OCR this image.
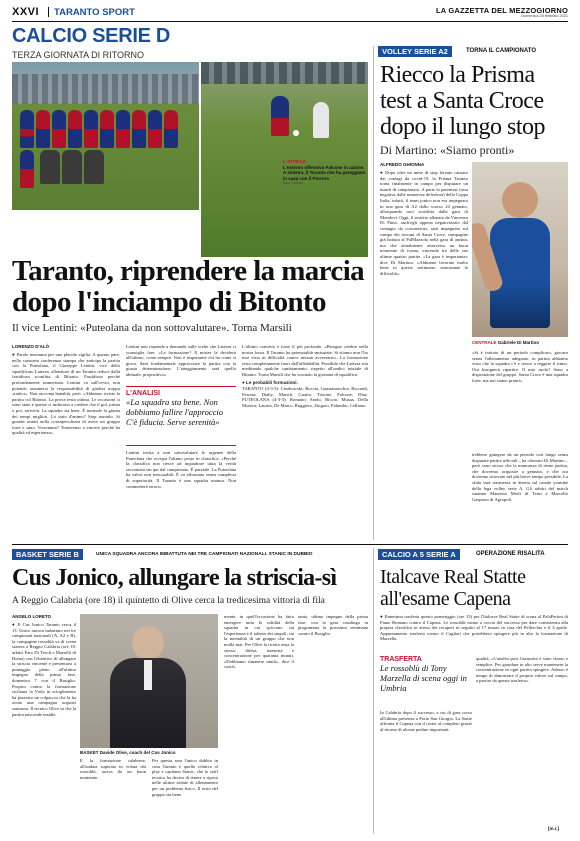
XXVI TARANTO SPORT	LA GAZZETTA DEL MEZZOGIORNO
Domenica 28 febbraio 2021
CALCIO SERIE D
TERZA GIORNATA DI RITORNO
L'ATTESA
L'esterno offensivo Falcone in azione. A sinistra, il Taranto che ha pareggiato in casa con il Picerno
[foto Todaro]
Taranto, riprendere la marcia
dopo l'inciampo di Bitonto
Il vice Lentini: «Puteolana da non sottovalutare». Torna Marsili
LORENZO D'ALÒ

● Parole insomma per una placida vigilia. A quanto pare, nella consueta conferenza stampa che anticipa la partita con la Puteolana, il Giuseppe Lentini, vice dello squalificato Laterza, allenatore di un Taranto reduce dalla fastidiosa sconfitta di Bitonto. Fastidiosa perché profondamente immeritata. Lentini va sull'ovvio, non potendo assumersi la responsabilità di giudizi troppo «tattici». Non racconta banalità, però. «Abbiamo rivisto la partita col Bitonto. La prova resta ottima. Le occasioni ci sono state e queste ci inducono a credere che il gol, prima o poi, arriverà. La squadra sta bene. È normale la giunta dei tempi migliori. Lo stato d'animo? Stop assurdo. Si guarda avanti nella consapevolezza di avere un gruppo forte e sano. Vorremmo? Torneremo a vincere perché ha qualità ed esperienza».

Lentini non risponde a domande sulle scelte che Laterza ci sconsiglia fare. «La formazione? Il mister la deciderà all'ultimo, come sempre. Non è importante chi ha come si gioca. Sarà fondamentale approcciare la partita con la giusta determinazione. L'atteggiamento sarà quello abituale: propositivo».

L'ANALISI
«La squadra sta bene. Non dobbiamo fallire l'approccio C'è fiducia. Serve serenità»

Lentini invita a non sottovalutare le urgenze della Puteolana che occupa l'ultimo posto in classifica. «Perché la classifica non riesce ad inquadrare tutta la verità raccontata sin qui dal campionato. È parziale. La Puteolana ha valori non trascurabili. È va affrontata senza complessi di superiorità. Il Taranto è una squadra matura. Non commetterà errori».

L'ultimo concetto è forse il più profondo. «Bisogna credere nella nostra forza. Il Taranto ha potenzialità smisurate. Si stiamo non l'ho mai vista in difficoltà contro nessun avversario». La formazione resta completamente fuori dall'affidabilità. Possibile che Laterza stia meditando qualche cambiamento, rispetto all'undici iniziale di Bitonto. Torna Marsili che ha scontato la giornata di squalifica.

● Le probabili formazioni.

TARANTO (4-3-3): Ciezkowski; Boccia, Guastamacchia, Riccardi, Ferrara; Diaby, Marsili, Guaita, Tissone, Falcone; Diaz. PUTEOLANA (4-3-3): Romano; Sardo, Riccio, Musaa, Della Monica; Laurita, De Marco, Ruggiero, Zingaro, Palumbo; Cellamo.

VOLLEY SERIE A2	TORNA IL CAMPIONATO
Riecco la Prisma
test a Santa Croce
dopo il lungo stop
Di Martino: «Siamo pronti»
ALFREDO GHIONNA

● Dopo oltre un mese di stop forzato causato dai contagi da covid-19, la Prisma Taranto torna finalmente in campo per disputare un match di campionato. A parte la parentesi (resa negativa dalle numerose defezioni) della Coppa Italia, infatti, il team jonico non era impegnato in una gara di A2 dallo scorso 24 gennaio, allorquando uscì sconfitta dalla gara di Mondovì. Oggi, il sestetto allenato da Vincenzo Di Pinto, anch'egli appena negativizzato dal contagio da coronavirus, sarà impegnato sul campo dei toscani di Santa Croce, compagine già battuta al PalMazzola nella gara di andata, ma che attualmente attraversa un buon momento di forma, vincendo tre delle sue ultime quattro partite. «La gara è importante» dice Di Martino. «Abbiamo lavorato molto bene in queste settimane, nonostante le difficoltà».

CENTRALE Gabriele Di Martino

«Si è trattato di un periodo complicato, giocare senza l'allenamento adeguato, in partita abbiamo visto che la squadra c'è e riesce a reggere il ritmo. Ora bisognerà ripartire. Il mio ruolo? Sono a disposizione del gruppo. Santa Croce è una squadra forte, ma noi siamo pronti».

trebbero giungere da un periodo così lungo senza disputare partite ufficiali – ha chiosato Di Martino – però sono sicuro che la mancanza di ritmo partita, che dovremo acquisire a gennaio, e che ora dovremo ritrovare nel più breve tempo possibile. La sfida sarà trasmessa in diretta sul canale youtube della lega volley serie A. Gli arbitri del match saranno Maurizio Merli di Terni e Marcello Gasparro di Agropoli.

BASKET SERIE B	UNICA SQUADRA ANCORA IMBATTUTA NEI TRE CAMPIONATI NAZIONALI. STANIC IN DUBBIO
Cus Jonico, allungare la striscia-sì
A Reggio Calabria (ore 18) il quintetto di Olive cerca la tredicesima vittoria di fila
ANGELO LORETO

● Il Cus Jonico Taranto cerca il 13. Unico ancora imbattuto nei tre campionati nazionali (A, A2 e B), la compagine rossoblù va di scena stasera a Reggio Calabria (ore 18, arbitri Faro Di Tivoli e Marselli di Roma) con l'obiettivo di allungare la striscia vincente e presentarsi a puntaggio pieno all'ultimo impegno della prima fase, domenica 7 con il Basiglio. Proprio contro la formazione siciliana la Viola in scioglimento ha piazzato un colpaccio che la ha avuto una campagna acquisti sontuosa. Il tecnico Olive sa che la partita nasconde insidie.

BASKET Davide Olive, coach del Cus Jonico

E la formazione calabrese, all'andata superata in volata dai rossoblù, arriva da un buon momento.

Per questa sera l'unico dubbio in casa Taranto è quello relativo al play e capitano Stanic, che lo staff tecnico ha deciso di tenere a riposo nelle ultime sedute di allenamento per un problema fisico. Il resto del gruppo sta bene.

mente, in quell'occasione ha fatto emergere tutta la solidità della squadra in cui spiccano sia l'esperienza e il talento dei singoli, sia la mentalità di un gruppo che non molla mai. Per Olive la ricetta resta la stessa: difesa, intensità e concentrazione per quaranta minuti. «Dobbiamo rimanere umili», dice il coach.

tanto, ultimo impegno della prima fase, con la gara casalinga in programma la prossima settimana contro il Basiglio.

CALCIO A 5 SERIE A	OPERAZIONE RISALITA
Italcave Real Statte
all'esame Capena

● Ennesima trasferta questo pomeriggio (ore 15) per l'Italcave Real Statte di scena al PalaPertini di Fiano Romano contro il Capena. Le rossoblù vanno a caccia del successo per dare consistenza alla propria classifica in attesa dei recuperi in seguito al 17 marzo in casa del Pellerchia e il 3 aprile. Appuntamento trasferta contro il Cagliari che potrebbero spingere più in alto la formazione di Marzella.

TRASFERTA
Le rossoblù di Tony Marzella di scena oggi in Umbria

In Calabria dopo il successo, a cui di gara corso all'ultima presenza a Porto San Giorgio. La Statte affronta il Capena con il roster al completo grazie al ritorno di alcune pedine importanti.

qualità, «L'analisi post Granzotto è stato chiaro e semplice. Per guardare in alto serve mantenere la concentrazione in ogni partita spingere. Adesso è tempo di dimostrare il proprio valore sul campo, a partire da questa trasferta».

[m.r.]
